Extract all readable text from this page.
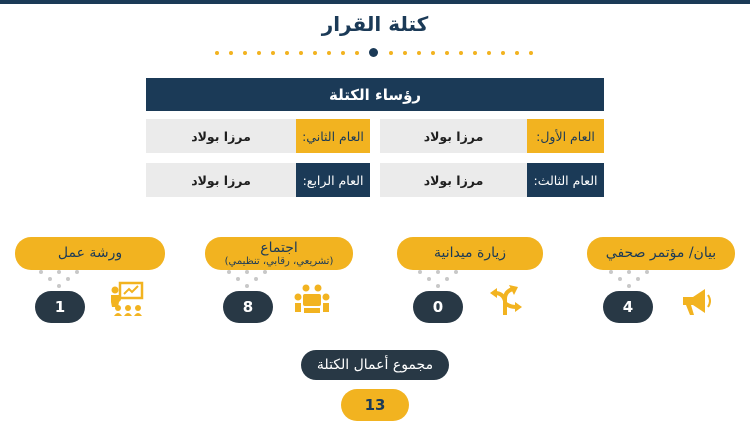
كتلة القرار
رؤساء الكتلة
العام الأول:
مرزا بولاد
العام الثاني:
مرزا بولاد
العام الثالث:
مرزا بولاد
العام الرابع:
مرزا بولاد
بيان/ مؤتمر صحفي
4
زيارة ميدانية
0
اجتماع
(تشريعي، رقابي، تنظيمي)
8
ورشة عمل
1
مجموع أعمال الكتلة
13
